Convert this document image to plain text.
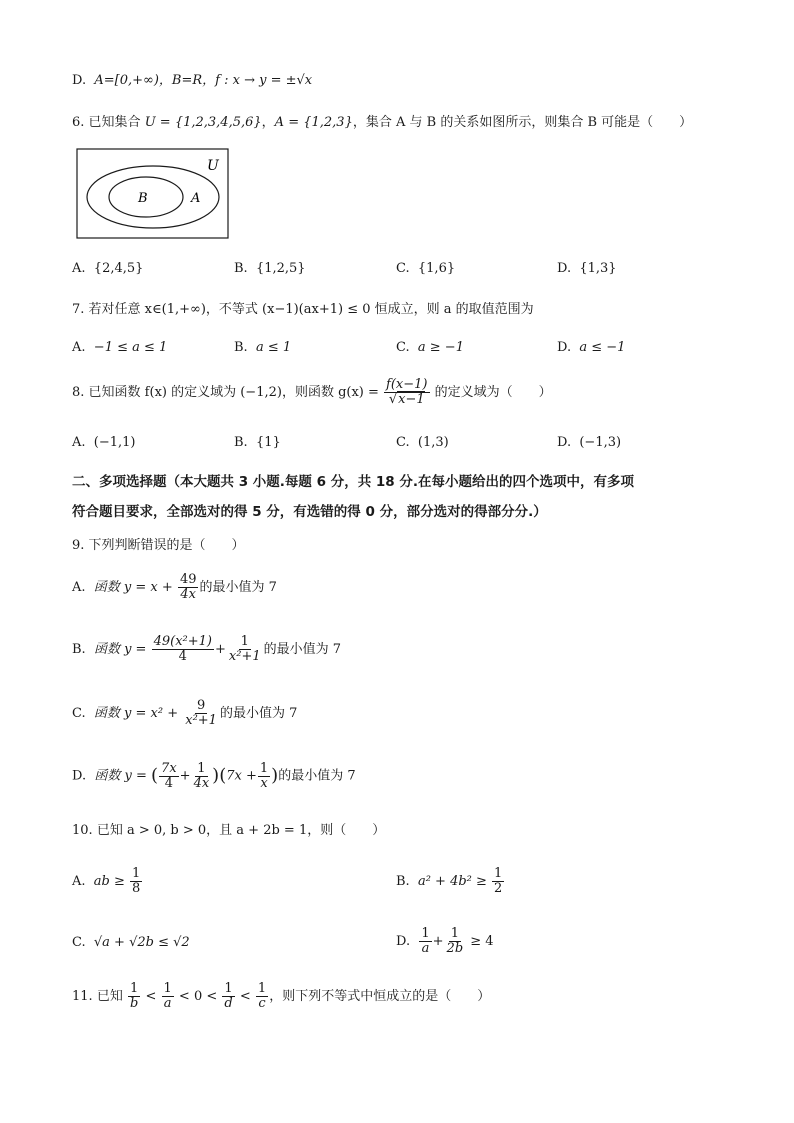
D. A=[0,+∞)，B=R，f : x → y = ±√x
6. 已知集合 U = {1,2,3,4,5,6}，A = {1,2,3}，集合 A 与 B 的关系如图所示，则集合 B 可能是（　　）
U
A
B
A. {2,4,5}	B. {1,2,5}	C. {1,6}	D. {1,3}
7. 若对任意 x∈(1,+∞)，不等式 (x−1)(ax+1) ≤ 0 恒成立，则 a 的取值范围为
A. −1 ≤ a ≤ 1	B. a ≤ 1	C. a ≥ −1	D. a ≤ −1
8. 已知函数 f(x) 的定义域为 (−1,2)，则函数 $g(x) = \frac{f(x-1)}{√x-1}$ 的定义域为（　　）
A. (−1,1)	B. {1}	C. (1,3)	D. (−1,3)
二、多项选择题（本大题共 3 小题.每题 6 分，共 18 分.在每小题给出的四个选项中，有多项
符合题目要求，全部选对的得 5 分，有选错的得 0 分，部分选对的得部分分.）
9. 下列判断错误的是（　　）
A. 函数 $y = x + \frac{49}{4x}$ 的最小值为 7
B. 函数 $y = \frac{\text{49(x²+1)}}{4} + \frac{1}{\text{x²+1}}$ 的最小值为 7
C. 函数 $y = x^2 + \frac{9}{\text{x²+1}}$ 的最小值为 7
D. 函数 y = ( $\frac{7x}{4} + \frac{1}{4x} )(7x + \frac{1}{x}$ )的最小值为 7
10. 已知 a > 0, b > 0，且 a + 2b = 1，则（　　）
A. ab ≥ $\frac{1}{8}$	B. $a^2 + 4b^2 \ge \frac{1}{2}$
C. √a + √2b ≤ √2	D. $\frac{1}{a} + \frac{1}{2b} \ge 4$
11. 已知 $\frac{1}{b} < \frac{1}{a} < 0 < \frac{1}{d} < \frac{1}{c}$ ，则下列不等式中恒成立的是（　　）
